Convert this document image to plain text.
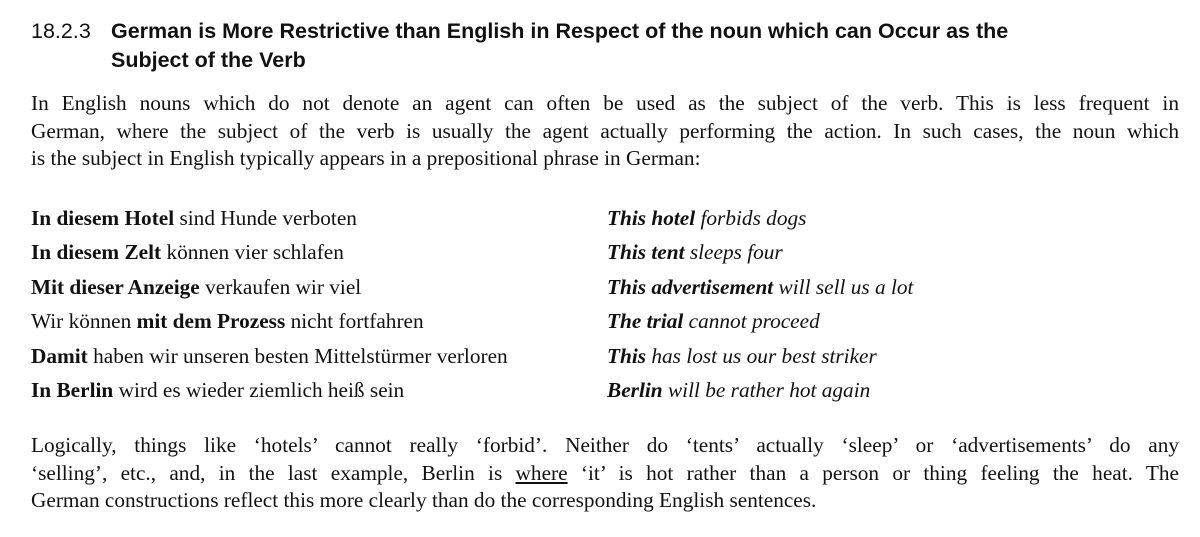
18.2.3 German is More Restrictive than English in Respect of the noun which can Occur as the
Subject of the Verb
In English nouns which do not denote an agent can often be used as the subject of the verb. This is less frequent in
German, where the subject of the verb is usually the agent actually performing the action. In such cases, the noun which
is the subject in English typically appears in a prepositional phrase in German:
In diesem Hotel sind Hunde verboten	This hotel forbids dogs
In diesem Zelt können vier schlafen	This tent sleeps four
Mit dieser Anzeige verkaufen wir viel	This advertisement will sell us a lot
Wir können mit dem Prozess nicht fortfahren	The trial cannot proceed
Damit haben wir unseren besten Mittelstürmer verloren	This has lost us our best striker
In Berlin wird es wieder ziemlich heiß sein	Berlin will be rather hot again
Logically, things like ‘hotels’ cannot really ‘forbid’. Neither do ‘tents’ actually ‘sleep’ or ‘advertisements’ do any
‘selling’, etc., and, in the last example, Berlin is where ‘it’ is hot rather than a person or thing feeling the heat. The
German constructions reflect this more clearly than do the corresponding English sentences.
